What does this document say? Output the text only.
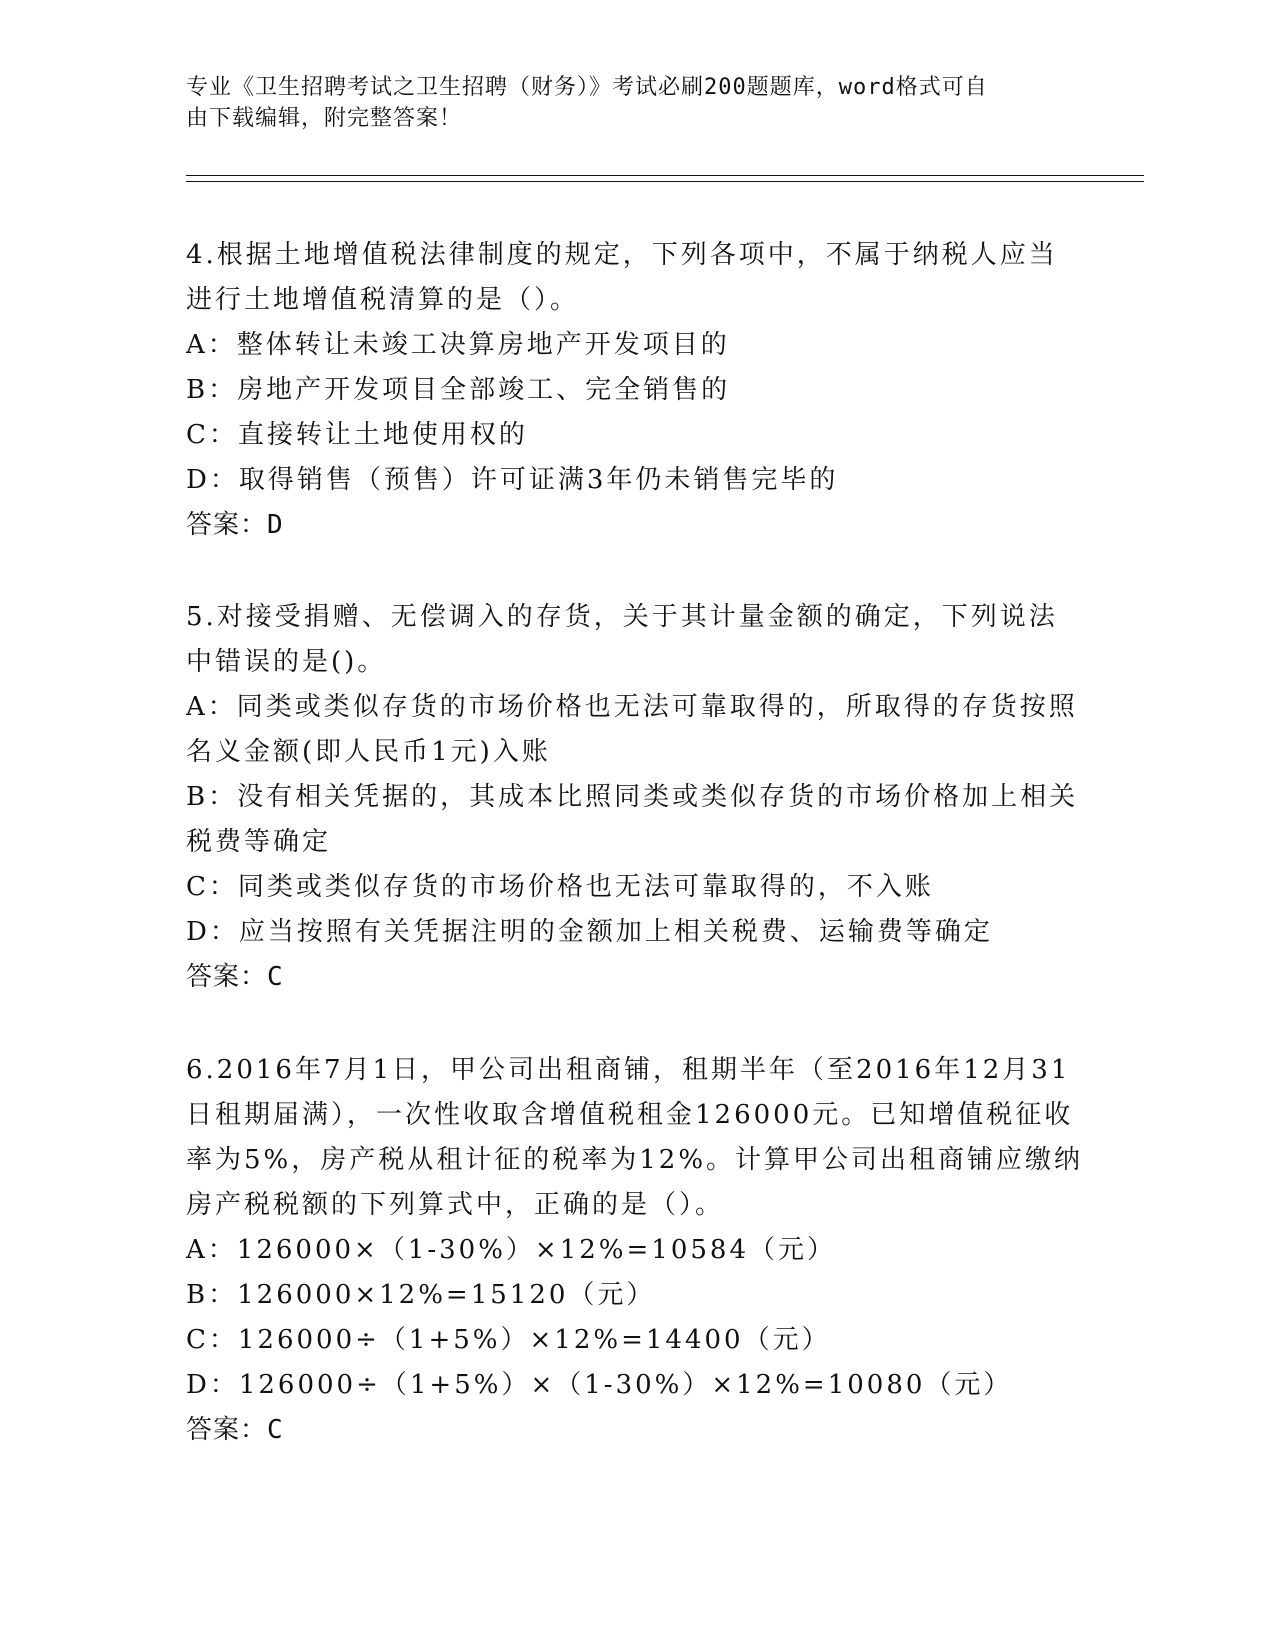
专业《卫生招聘考试之卫生招聘（财务）》考试必刷200题题库，word格式可自
由下载编辑，附完整答案！
4.根据土地增值税法律制度的规定，下列各项中，不属于纳税人应当
进行土地增值税清算的是（）。
A：整体转让未竣工决算房地产开发项目的
B：房地产开发项目全部竣工、完全销售的
C：直接转让土地使用权的
D：取得销售（预售）许可证满3年仍未销售完毕的
答案：D
5.对接受捐赠、无偿调入的存货，关于其计量金额的确定，下列说法
中错误的是()。
A：同类或类似存货的市场价格也无法可靠取得的，所取得的存货按照
名义金额(即人民币1元)入账
B：没有相关凭据的，其成本比照同类或类似存货的市场价格加上相关
税费等确定
C：同类或类似存货的市场价格也无法可靠取得的，不入账
D：应当按照有关凭据注明的金额加上相关税费、运输费等确定
答案：C
6.2016年7月1日，甲公司出租商铺，租期半年（至2016年12月31
日租期届满），一次性收取含增值税租金126000元。已知增值税征收
率为5%，房产税从租计征的税率为12%。计算甲公司出租商铺应缴纳
房产税税额的下列算式中，正确的是（）。
A：126000×（1-30%）×12%=10584（元）
B：126000×12%=15120（元）
C：126000÷（1+5%）×12%=14400（元）
D：126000÷（1+5%）×（1-30%）×12%=10080（元）
答案：C
